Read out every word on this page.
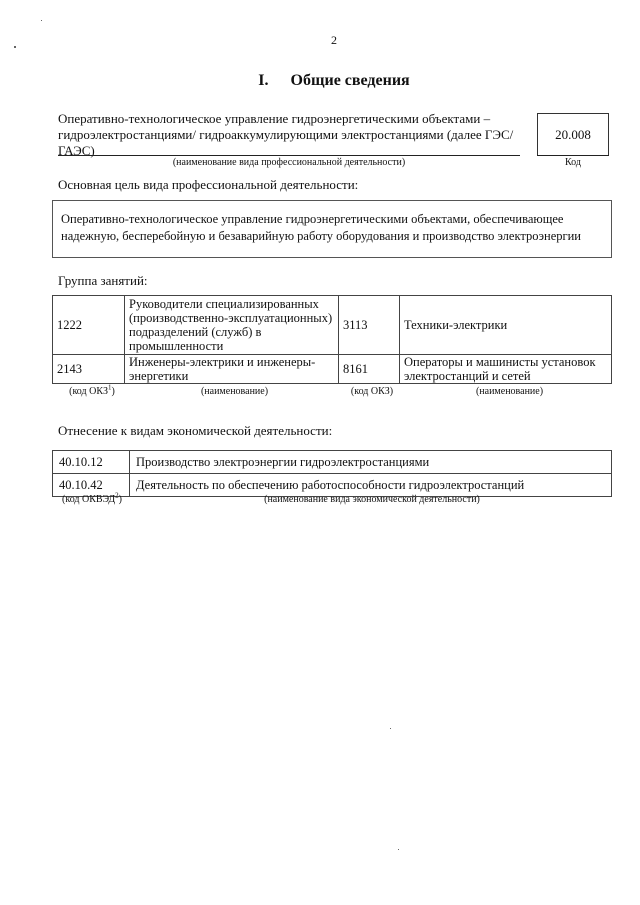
2
I. Общие сведения
Оперативно-технологическое управление гидроэнергетическими объектами – гидроэлектростанциями/ гидроаккумулирующими электростанциями (далее ГЭС/ГАЭС)
(наименование вида профессиональной деятельности)
20.008
Код
Основная цель вида профессиональной деятельности:
Оперативно-технологическое управление гидроэнергетическими объектами, обеспечивающее надежную, бесперебойную и безаварийную работу оборудования и производство электроэнергии
Группа занятий:
1222	Руководители специализированных (производственно-эксплуатационных) подразделений (служб) в промышленности	3113	Техники-электрики
2143	Инженеры-электрики и инженеры-энергетики	8161	Операторы и машинисты установок электростанций и сетей
(код ОКЗ$^1$)	(наименование)	(код ОКЗ)	(наименование)
Отнесение к видам экономической деятельности:
40.10.12	Производство электроэнергии гидроэлектростанциями
40.10.42	Деятельность по обеспечению работоспособности гидроэлектростанций
(код ОКВЭД$^2$)	(наименование вида экономической деятельности)
